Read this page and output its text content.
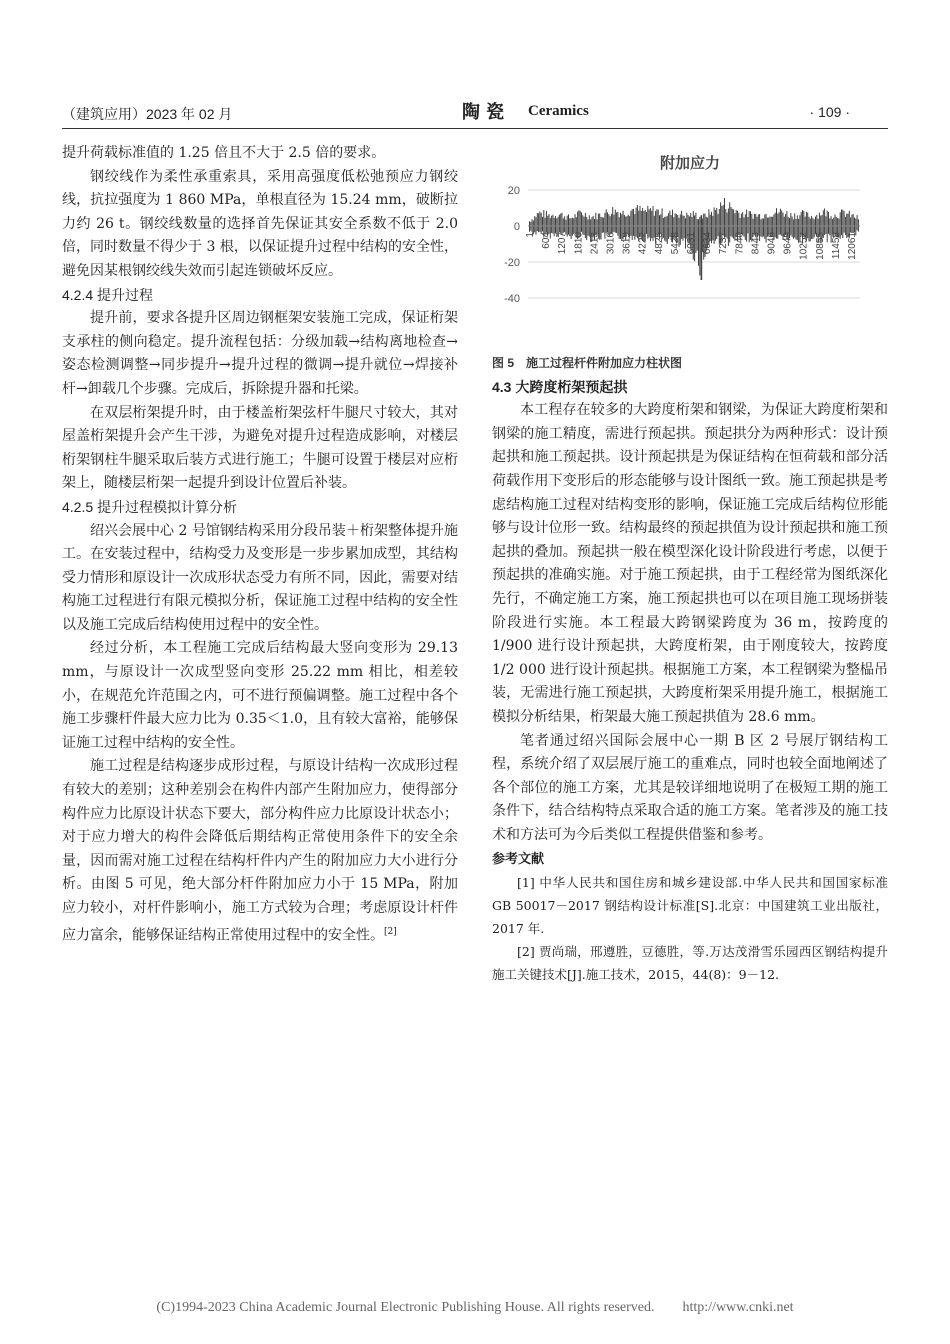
（建筑应用）2023 年 02 月	陶瓷 Ceramics	· 109 ·

提升荷载标准值的 1.25 倍且不大于 2.5 倍的要求。

钢绞线作为柔性承重索具，采用高强度低松弛预应力钢绞线，抗拉强度为 1 860 MPa，单根直径为 15.24 mm，破断拉力约 26 t。钢绞线数量的选择首先保证其安全系数不低于 2.0 倍，同时数量不得少于 3 根，以保证提升过程中结构的安全性，避免因某根钢绞线失效而引起连锁破坏反应。

4.2.4 提升过程

提升前，要求各提升区周边钢框架安装施工完成，保证桁架支承柱的侧向稳定。提升流程包括：分级加载→结构离地检查→姿态检测调整→同步提升→提升过程的微调→提升就位→焊接补杆→卸载几个步骤。完成后，拆除提升器和托梁。

在双层桁架提升时，由于楼盖桁架弦杆牛腿尺寸较大，其对屋盖桁架提升会产生干涉，为避免对提升过程造成影响，对楼层桁架钢柱牛腿采取后装方式进行施工；牛腿可设置于楼层对应桁架上，随楼层桁架一起提升到设计位置后补装。

4.2.5 提升过程模拟计算分析

绍兴会展中心 2 号馆钢结构采用分段吊装＋桁架整体提升施工。在安装过程中，结构受力及变形是一步步累加成型，其结构受力情形和原设计一次成形状态受力有所不同，因此，需要对结构施工过程进行有限元模拟分析，保证施工过程中结构的安全性以及施工完成后结构使用过程中的安全性。

经过分析，本工程施工完成后结构最大竖向变形为 29.13 mm，与原设计一次成型竖向变形 25.22 mm 相比，相差较小，在规范允许范围之内，可不进行预偏调整。施工过程中各个施工步骤杆件最大应力比为 0.35＜1.0，且有较大富裕，能够保证施工过程中结构的安全性。

施工过程是结构逐步成形过程，与原设计结构一次成形过程有较大的差别；这种差别会在构件内部产生附加应力，使得部分构件应力比原设计状态下要大，部分构件应力比原设计状态小；对于应力增大的构件会降低后期结构正常使用条件下的安全余量，因而需对施工过程在结构杆件内产生的附加应力大小进行分析。由图 5 可见，绝大部分杆件附加应力小于 15 MPa，附加应力较小，对杆件影响小，施工方式较为合理；考虑原设计杆件应力富余，能够保证结构正常使用过程中的安全性。[2]

附加应力
20
0
-20
-40
1 604 1207 1810 2413 3016 3619 4222 4825 5428 6031 6634 7237 7840 8443 9046 9649 10252 10855 11458 12061

图 5　施工过程杆件附加应力柱状图

4.3 大跨度桁架预起拱

本工程存在较多的大跨度桁架和钢梁，为保证大跨度桁架和钢梁的施工精度，需进行预起拱。预起拱分为两种形式：设计预起拱和施工预起拱。设计预起拱是为保证结构在恒荷载和部分活荷载作用下变形后的形态能够与设计图纸一致。施工预起拱是考虑结构施工过程对结构变形的影响，保证施工完成后结构位形能够与设计位形一致。结构最终的预起拱值为设计预起拱和施工预起拱的叠加。预起拱一般在模型深化设计阶段进行考虑，以便于预起拱的准确实施。对于施工预起拱，由于工程经常为图纸深化先行，不确定施工方案，施工预起拱也可以在项目施工现场拼装阶段进行实施。本工程最大跨钢梁跨度为 36 m，按跨度的 1/900 进行设计预起拱，大跨度桁架，由于刚度较大，按跨度 1/2 000 进行设计预起拱。根据施工方案，本工程钢梁为整榀吊装，无需进行施工预起拱，大跨度桁架采用提升施工，根据施工模拟分析结果，桁架最大施工预起拱值为 28.6 mm。

笔者通过绍兴国际会展中心一期 B 区 2 号展厅钢结构工程，系统介绍了双层展厅施工的重难点，同时也较全面地阐述了各个部位的施工方案，尤其是较详细地说明了在极短工期的施工条件下，结合结构特点采取合适的施工方案。笔者涉及的施工技术和方法可为今后类似工程提供借鉴和参考。

参考文献

[1] 中华人民共和国住房和城乡建设部.中华人民共和国国家标准 GB 50017－2017 钢结构设计标准[S].北京：中国建筑工业出版社，2017 年.

[2] 贾尚瑞，邢遵胜，豆德胜，等.万达茂滑雪乐园西区钢结构提升施工关键技术[J].施工技术，2015，44(8)：9－12.

(C)1994-2023 China Academic Journal Electronic Publishing House. All rights reserved.　　http://www.cnki.net
